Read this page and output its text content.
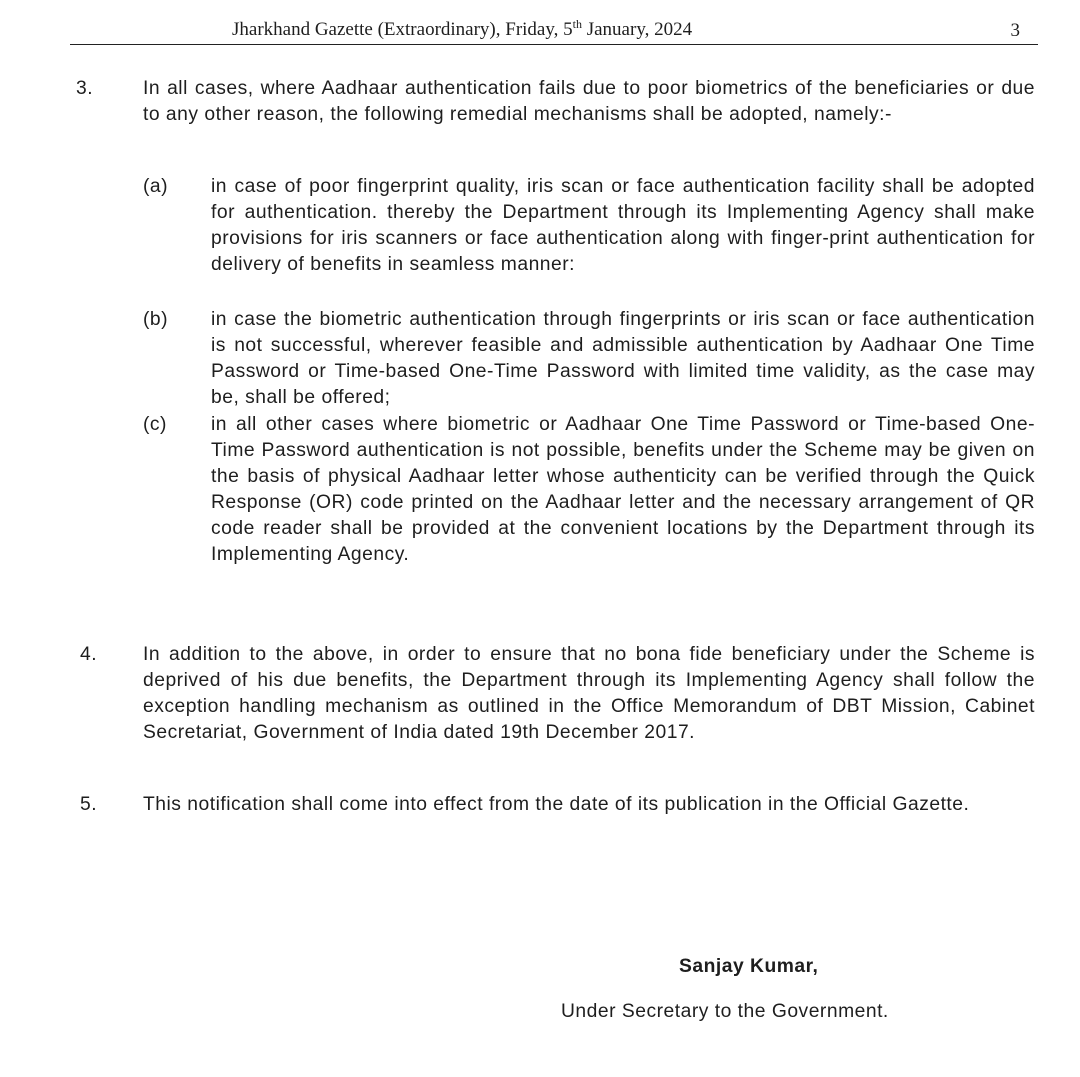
Jharkhand Gazette (Extraordinary), Friday, 5th January, 2024	3
3.	In all cases, where Aadhaar authentication fails due to poor biometrics of the beneficiaries or due to any other reason, the following remedial mechanisms shall be adopted, namely:-
(a) in case of poor fingerprint quality, iris scan or face authentication facility shall be adopted for authentication. thereby the Department through its Implementing Agency shall make provisions for iris scanners or face authentication along with finger-print authentication for delivery of benefits in seamless manner:
(b) in case the biometric authentication through fingerprints or iris scan or face authentication is not successful, wherever feasible and admissible authentication by Aadhaar One Time Password or Time-based One-Time Password with limited time validity, as the case may be, shall be offered;
(c) in all other cases where biometric or Aadhaar One Time Password or Time-based One-Time Password authentication is not possible, benefits under the Scheme may be given on the basis of physical Aadhaar letter whose authenticity can be verified through the Quick Response (OR) code printed on the Aadhaar letter and the necessary arrangement of QR code reader shall be provided at the convenient locations by the Department through its Implementing Agency.
4. In addition to the above, in order to ensure that no bona fide beneficiary under the Scheme is deprived of his due benefits, the Department through its Implementing Agency shall follow the exception handling mechanism as outlined in the Office Memorandum of DBT Mission, Cabinet Secretariat, Government of India dated 19th December 2017.
5. This notification shall come into effect from the date of its publication in the Official Gazette.
Sanjay Kumar,
Under Secretary to the Government.
